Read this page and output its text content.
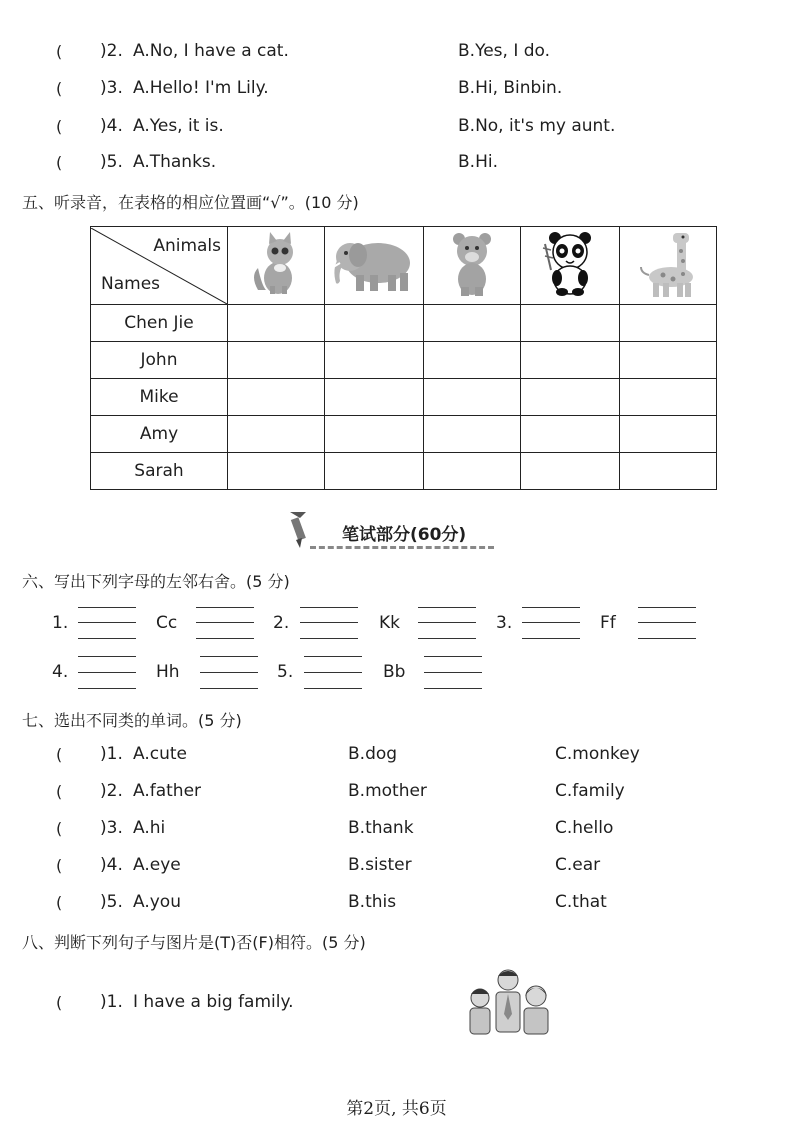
( )2. A.No, I have a cat.	B.Yes, I do.
( )3. A.Hello! I'm Lily.	B.Hi, Binbin.
( )4. A.Yes, it is.	B.No, it's my aunt.
( )5. A.Thanks.	B.Hi.
五、听录音，在表格的相应位置画“√”。(10 分)
Animals
Names

Chen Jie					
John					
Mike					
Amy					
Sarah					
笔试部分(60分)
六、写出下列字母的左邻右舍。(5 分)
1.	Cc	2.	Kk	3.	Ff
4.	Hh	5.	Bb
七、选出不同类的单词。(5 分)
( )1. A.cute	B.dog	C.monkey
( )2. A.father	B.mother	C.family
( )3. A.hi	B.thank	C.hello
( )4. A.eye	B.sister	C.ear
( )5. A.you	B.this	C.that
八、判断下列句子与图片是(T)否(F)相符。(5 分)
( )1. I have a big family.
第2页, 共6页
